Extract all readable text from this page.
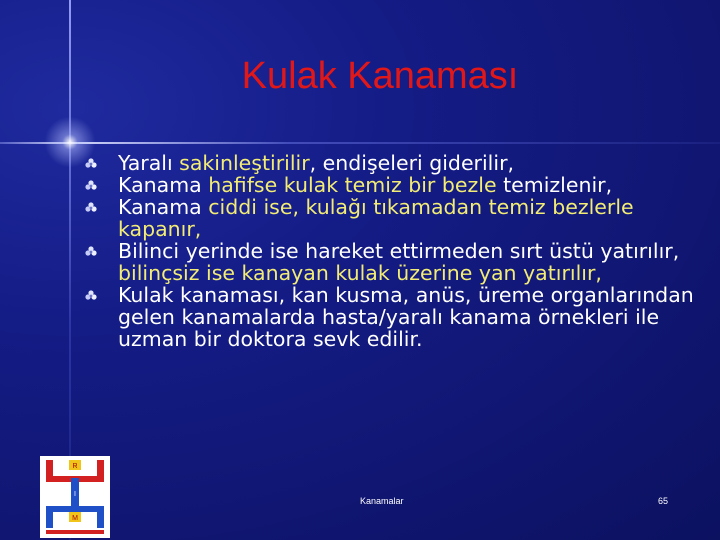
Kulak Kanaması
Yaralı sakinleştirilir, endişeleri giderilir,
Kanama hafifse kulak temiz bir bezle temizlenir,
Kanama ciddi ise, kulağı tıkamadan temiz bezlerle kapanır,
Bilinci yerinde ise hareket ettirmeden sırt üstü yatırılır, bilinçsiz ise kanayan kulak üzerine yan yatırılır,
Kulak kanaması, kan kusma, anüs, üreme organlarından gelen kanamalarda hasta/yaralı kanama örnekleri ile uzman bir doktora sevk edilir.
R
I
M
Kanamalar	65
